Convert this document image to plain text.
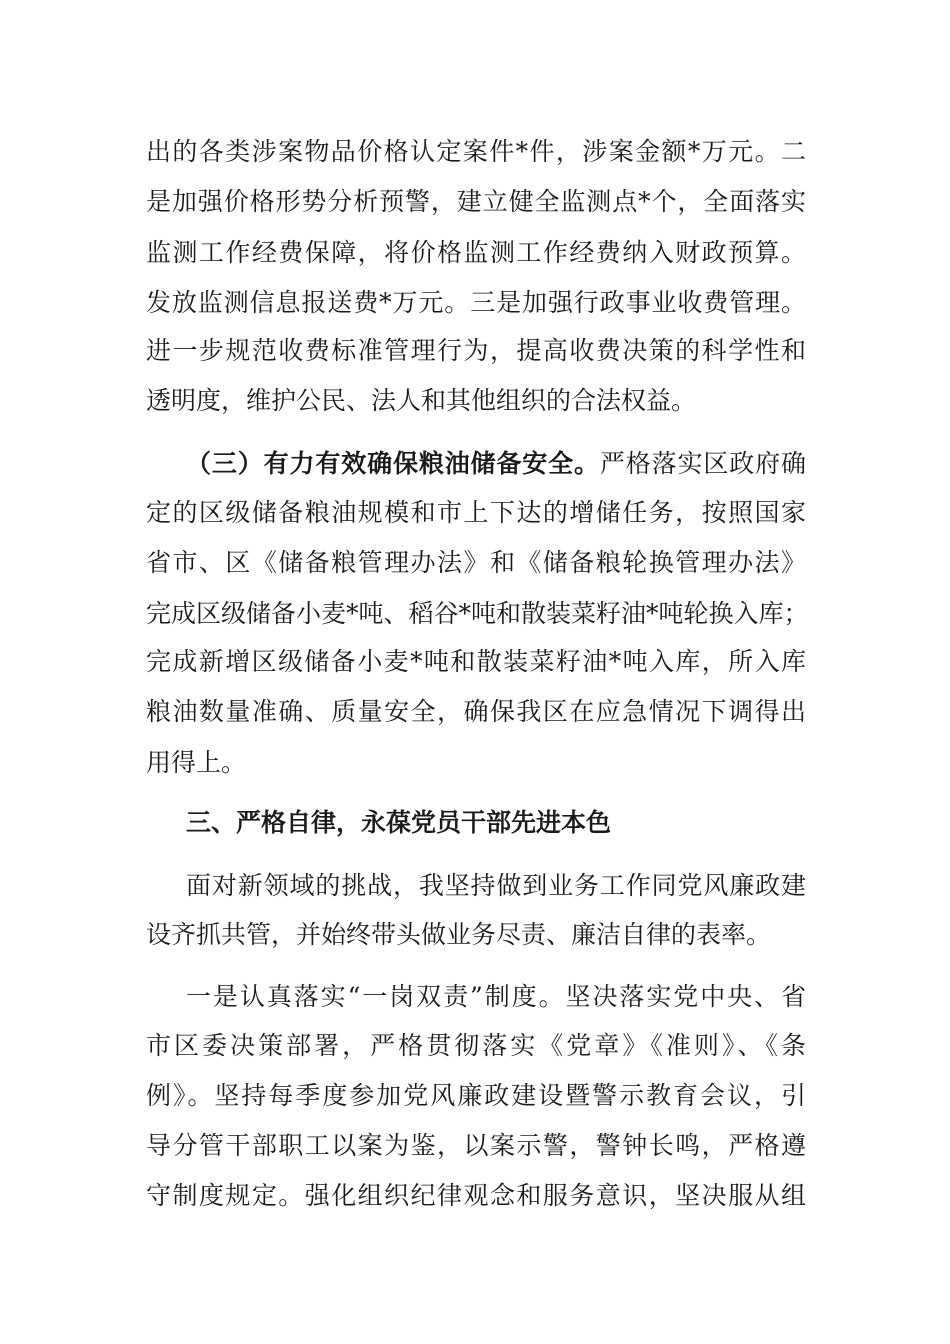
出的各类涉案物品价格认定案件*件，涉案金额*万元。二
是加强价格形势分析预警，建立健全监测点*个，全面落实
监测工作经费保障，将价格监测工作经费纳入财政预算。
发放监测信息报送费*万元。三是加强行政事业收费管理。
进一步规范收费标准管理行为，提高收费决策的科学性和
透明度，维护公民、法人和其他组织的合法权益。
（三）有力有效确保粮油储备安全。严格落实区政府确
定的区级储备粮油规模和市上下达的增储任务，按照国家
省市、区《储备粮管理办法》和《储备粮轮换管理办法》
完成区级储备小麦*吨、稻谷*吨和散装菜籽油*吨轮换入库；
完成新增区级储备小麦*吨和散装菜籽油*吨入库，所入库
粮油数量准确、质量安全，确保我区在应急情况下调得出
用得上。
三、严格自律，永葆党员干部先进本色
面对新领域的挑战，我坚持做到业务工作同党风廉政建
设齐抓共管，并始终带头做业务尽责、廉洁自律的表率。
一是认真落实“一岗双责”制度。坚决落实党中央、省
市区委决策部署，严格贯彻落实《党章》《准则》、《条
例》。坚持每季度参加党风廉政建设暨警示教育会议，引
导分管干部职工以案为鉴，以案示警，警钟长鸣，严格遵
守制度规定。强化组织纪律观念和服务意识，坚决服从组
